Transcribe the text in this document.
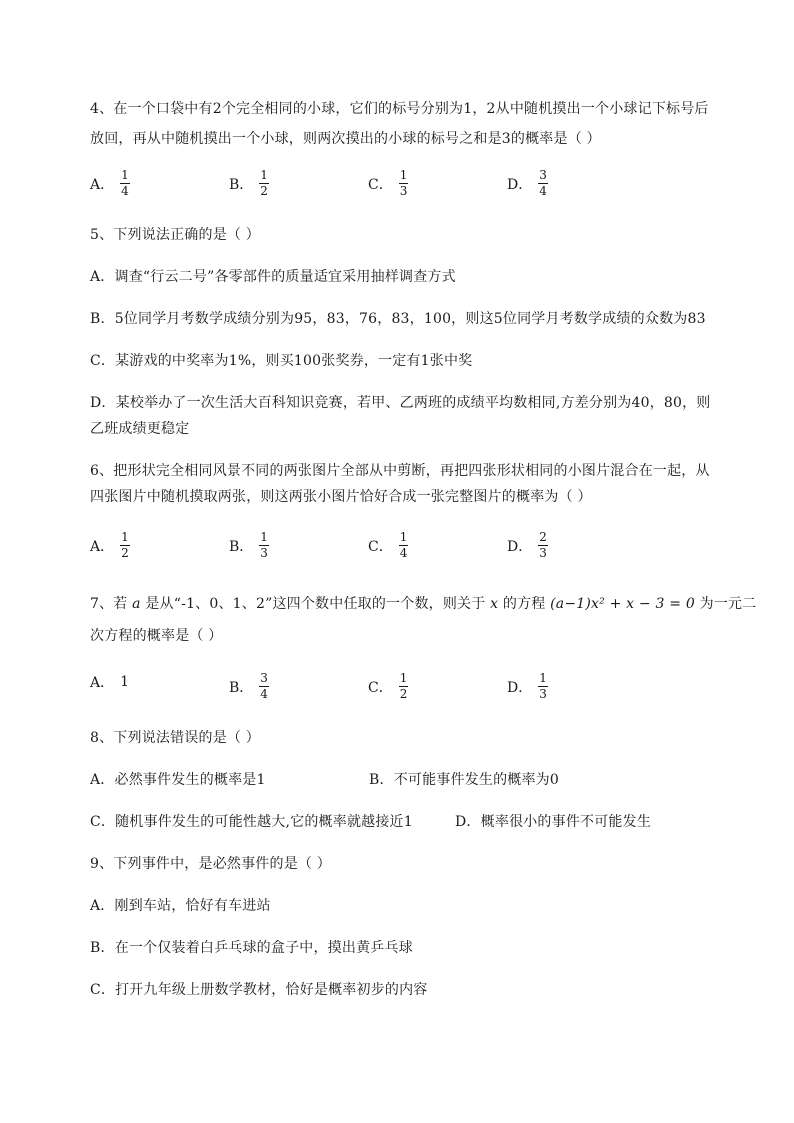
4、在一个口袋中有2个完全相同的小球，它们的标号分别为1，2从中随机摸出一个小球记下标号后
放回，再从中随机摸出一个小球，则两次摸出的小球的标号之和是3的概率是（ ）
A． $\frac{1}{4}$	B． $\frac{1}{2}$	C． $\frac{1}{3}$	D． $\frac{3}{4}$
5、下列说法正确的是（ ）
A．调查“行云二号”各零部件的质量适宜采用抽样调查方式
B．5位同学月考数学成绩分别为95，83，76，83，100，则这5位同学月考数学成绩的众数为83
C．某游戏的中奖率为1%，则买100张奖券，一定有1张中奖
D．某校举办了一次生活大百科知识竞赛，若甲、乙两班的成绩平均数相同,方差分别为40，80，则
乙班成绩更稳定
6、把形状完全相同风景不同的两张图片全部从中剪断，再把四张形状相同的小图片混合在一起，从
四张图片中随机摸取两张，则这两张小图片恰好合成一张完整图片的概率为（ ）
A． $\frac{1}{2}$	B． $\frac{1}{3}$	C． $\frac{1}{4}$	D． $\frac{2}{3}$
7、若 a 是从“-1、0、1、2”这四个数中任取的一个数，则关于 x 的方程 (a−1)x² + x − 3 = 0 为一元二
次方程的概率是（ ）
A． 1	B． $\frac{3}{4}$	C． $\frac{1}{2}$	D． $\frac{1}{3}$
8、下列说法错误的是（ ）
A．必然事件发生的概率是1	B．不可能事件发生的概率为0
C．随机事件发生的可能性越大,它的概率就越接近1	D．概率很小的事件不可能发生
9、下列事件中，是必然事件的是（ ）
A．刚到车站，恰好有车进站
B．在一个仅装着白乒乓球的盒子中，摸出黄乒乓球
C．打开九年级上册数学教材，恰好是概率初步的内容
